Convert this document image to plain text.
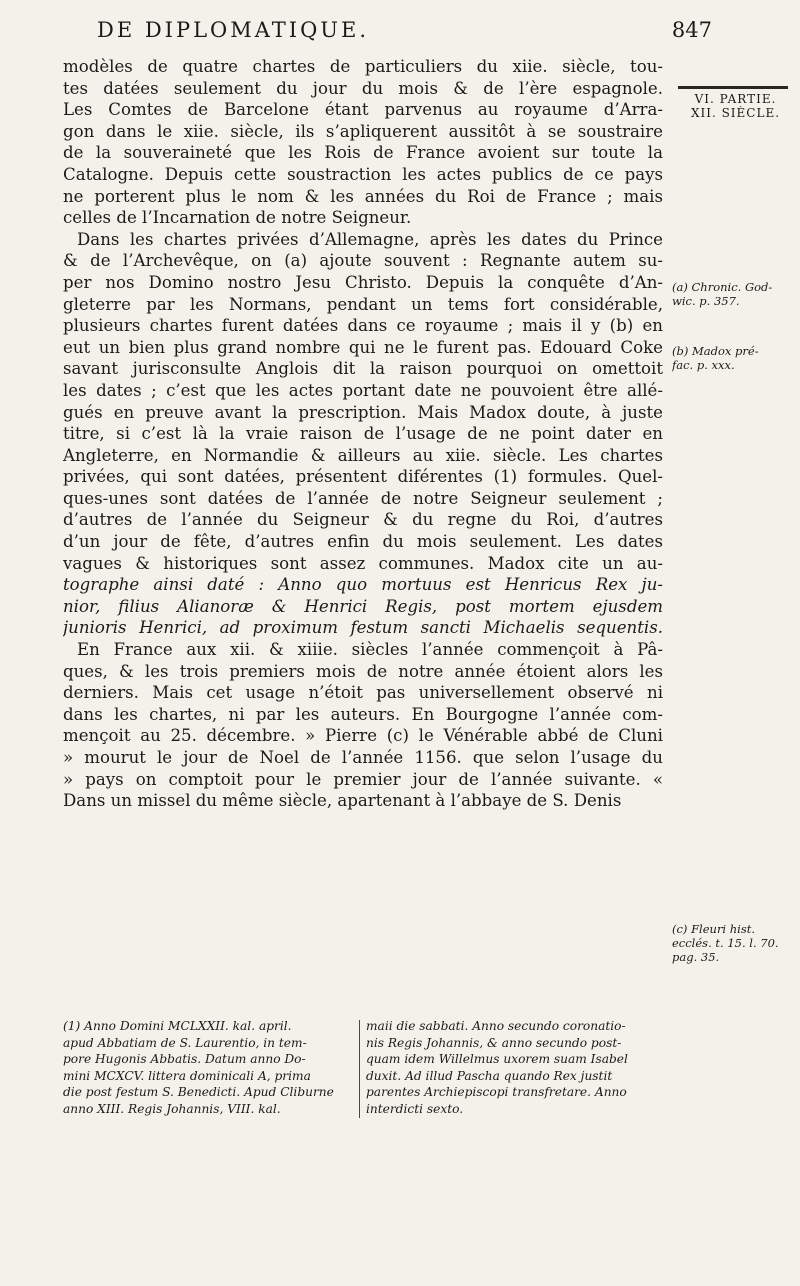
DE DIPLOMATIQUE.	847
VI. PARTIE.
XII. SIÈCLE.
modèles de quatre chartes de particuliers du xiie. siècle, tou-
tes datées seulement du jour du mois & de l’ère espagnole.
Les Comtes de Barcelone étant parvenus au royaume d’Arra-
gon dans le xiie. siècle, ils s’apliquerent aussitôt à se soustraire
de la souveraineté que les Rois de France avoient sur toute la
Catalogne. Depuis cette soustraction les actes publics de ce pays
ne porterent plus le nom & les années du Roi de France ; mais
celles de l’Incarnation de notre Seigneur.
Dans les chartes privées d’Allemagne, après les dates du Prince
& de l’Archevêque, on (a) ajoute souvent : Regnante autem su-
per nos Domino nostro Jesu Christo. Depuis la conquête d’An-
gleterre par les Normans, pendant un tems fort considérable,
plusieurs chartes furent datées dans ce royaume ; mais il y (b) en
eut un bien plus grand nombre qui ne le furent pas. Edouard Coke
savant jurisconsulte Anglois dit la raison pourquoi on omettoit
les dates ; c’est que les actes portant date ne pouvoient être allé-
gués en preuve avant la prescription. Mais Madox doute, à juste
titre, si c’est là la vraie raison de l’usage de ne point dater en
Angleterre, en Normandie & ailleurs au xiie. siècle. Les chartes
privées, qui sont datées, présentent diférentes (1) formules. Quel-
ques-unes sont datées de l’année de notre Seigneur seulement ;
d’autres de l’année du Seigneur & du regne du Roi, d’autres
d’un jour de fête, d’autres enfin du mois seulement. Les dates
vagues & historiques sont assez communes. Madox cite un au-
tographe ainsi daté : Anno quo mortuus est Henricus Rex ju-
nior, filius Alianoræ & Henrici Regis, post mortem ejusdem
junioris Henrici, ad proximum festum sancti Michaelis sequentis.
En France aux xii. & xiiie. siècles l’année commençoit à Pâ-
ques, & les trois premiers mois de notre année étoient alors les
derniers. Mais cet usage n’étoit pas universellement observé ni
dans les chartes, ni par les auteurs. En Bourgogne l’année com-
mençoit au 25. décembre. » Pierre (c) le Vénérable abbé de Cluni
» mourut le jour de Noel de l’année 1156. que selon l’usage du
» pays on comptoit pour le premier jour de l’année suivante. «
Dans un missel du même siècle, apartenant à l’abbaye de S. Denis
(a) Chronic. God-
wic. p. 357.
(b) Madox pré-
fac. p. xxx.
(c) Fleuri hist.
ecclés. t. 15. l. 70.
pag. 35.
(1) Anno Domini MCLXXII. kal. april.
apud Abbatiam de S. Laurentio, in tem-
pore Hugonis Abbatis. Datum anno Do-
mini MCXCV. littera dominicali A, prima
die post festum S. Benedicti. Apud Cliburne
anno XIII. Regis Johannis, VIII. kal.
maii die sabbati. Anno secundo coronatio-
nis Regis Johannis, & anno secundo post-
quam idem Willelmus uxorem suam Isabel
duxit. Ad illud Pascha quando Rex justit
parentes Archiepiscopi transfretare. Anno
interdicti sexto.
